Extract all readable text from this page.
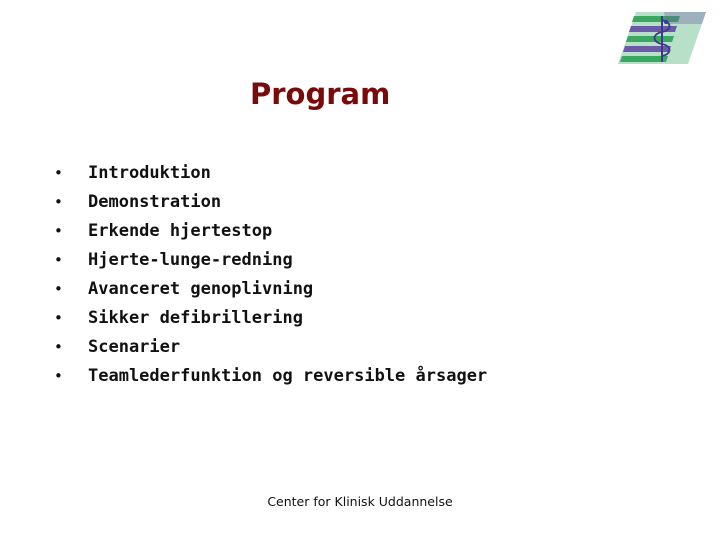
Program
• Introduktion
• Demonstration
• Erkende hjertestop
• Hjerte-lunge-redning
• Avanceret genoplivning
• Sikker defibrillering
• Scenarier
• Teamlederfunktion og reversible årsager
Center for Klinisk Uddannelse
